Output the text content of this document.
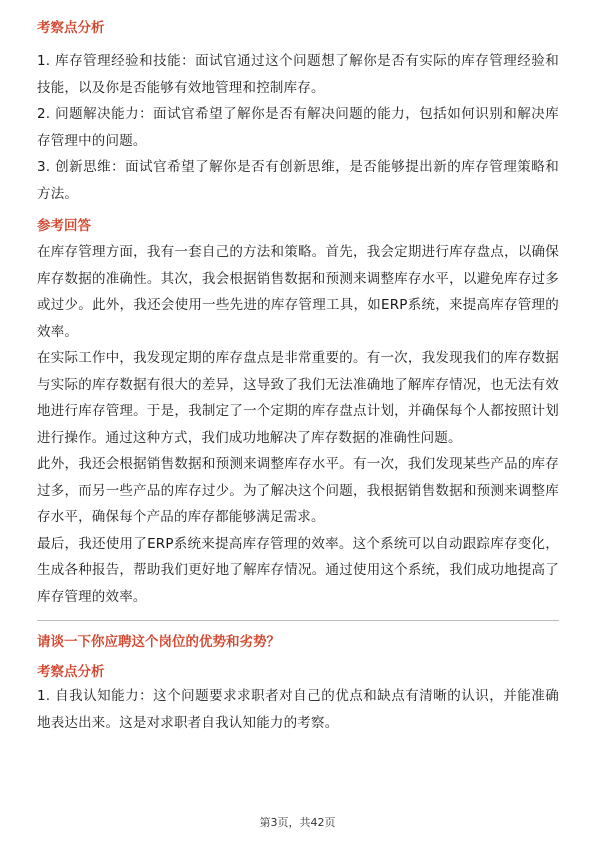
考察点分析

1. 库存管理经验和技能：面试官通过这个问题想了解你是否有实际的库存管理经验和技能，以及你是否能够有效地管理和控制库存。

2. 问题解决能力：面试官希望了解你是否有解决问题的能力，包括如何识别和解决库存管理中的问题。

3. 创新思维：面试官希望了解你是否有创新思维，是否能够提出新的库存管理策略和方法。

参考回答

在库存管理方面，我有一套自己的方法和策略。首先，我会定期进行库存盘点，以确保库存数据的准确性。其次，我会根据销售数据和预测来调整库存水平，以避免库存过多或过少。此外，我还会使用一些先进的库存管理工具，如ERP系统，来提高库存管理的效率。

在实际工作中，我发现定期的库存盘点是非常重要的。有一次，我发现我们的库存数据与实际的库存数据有很大的差异，这导致了我们无法准确地了解库存情况，也无法有效地进行库存管理。于是，我制定了一个定期的库存盘点计划，并确保每个人都按照计划进行操作。通过这种方式，我们成功地解决了库存数据的准确性问题。

此外，我还会根据销售数据和预测来调整库存水平。有一次，我们发现某些产品的库存过多，而另一些产品的库存过少。为了解决这个问题，我根据销售数据和预测来调整库存水平，确保每个产品的库存都能够满足需求。

最后，我还使用了ERP系统来提高库存管理的效率。这个系统可以自动跟踪库存变化，生成各种报告，帮助我们更好地了解库存情况。通过使用这个系统，我们成功地提高了库存管理的效率。

请谈一下你应聘这个岗位的优势和劣势？
考察点分析

1. 自我认知能力：这个问题要求求职者对自己的优点和缺点有清晰的认识，并能准确地表达出来。这是对求职者自我认知能力的考察。

第3页，共42页
